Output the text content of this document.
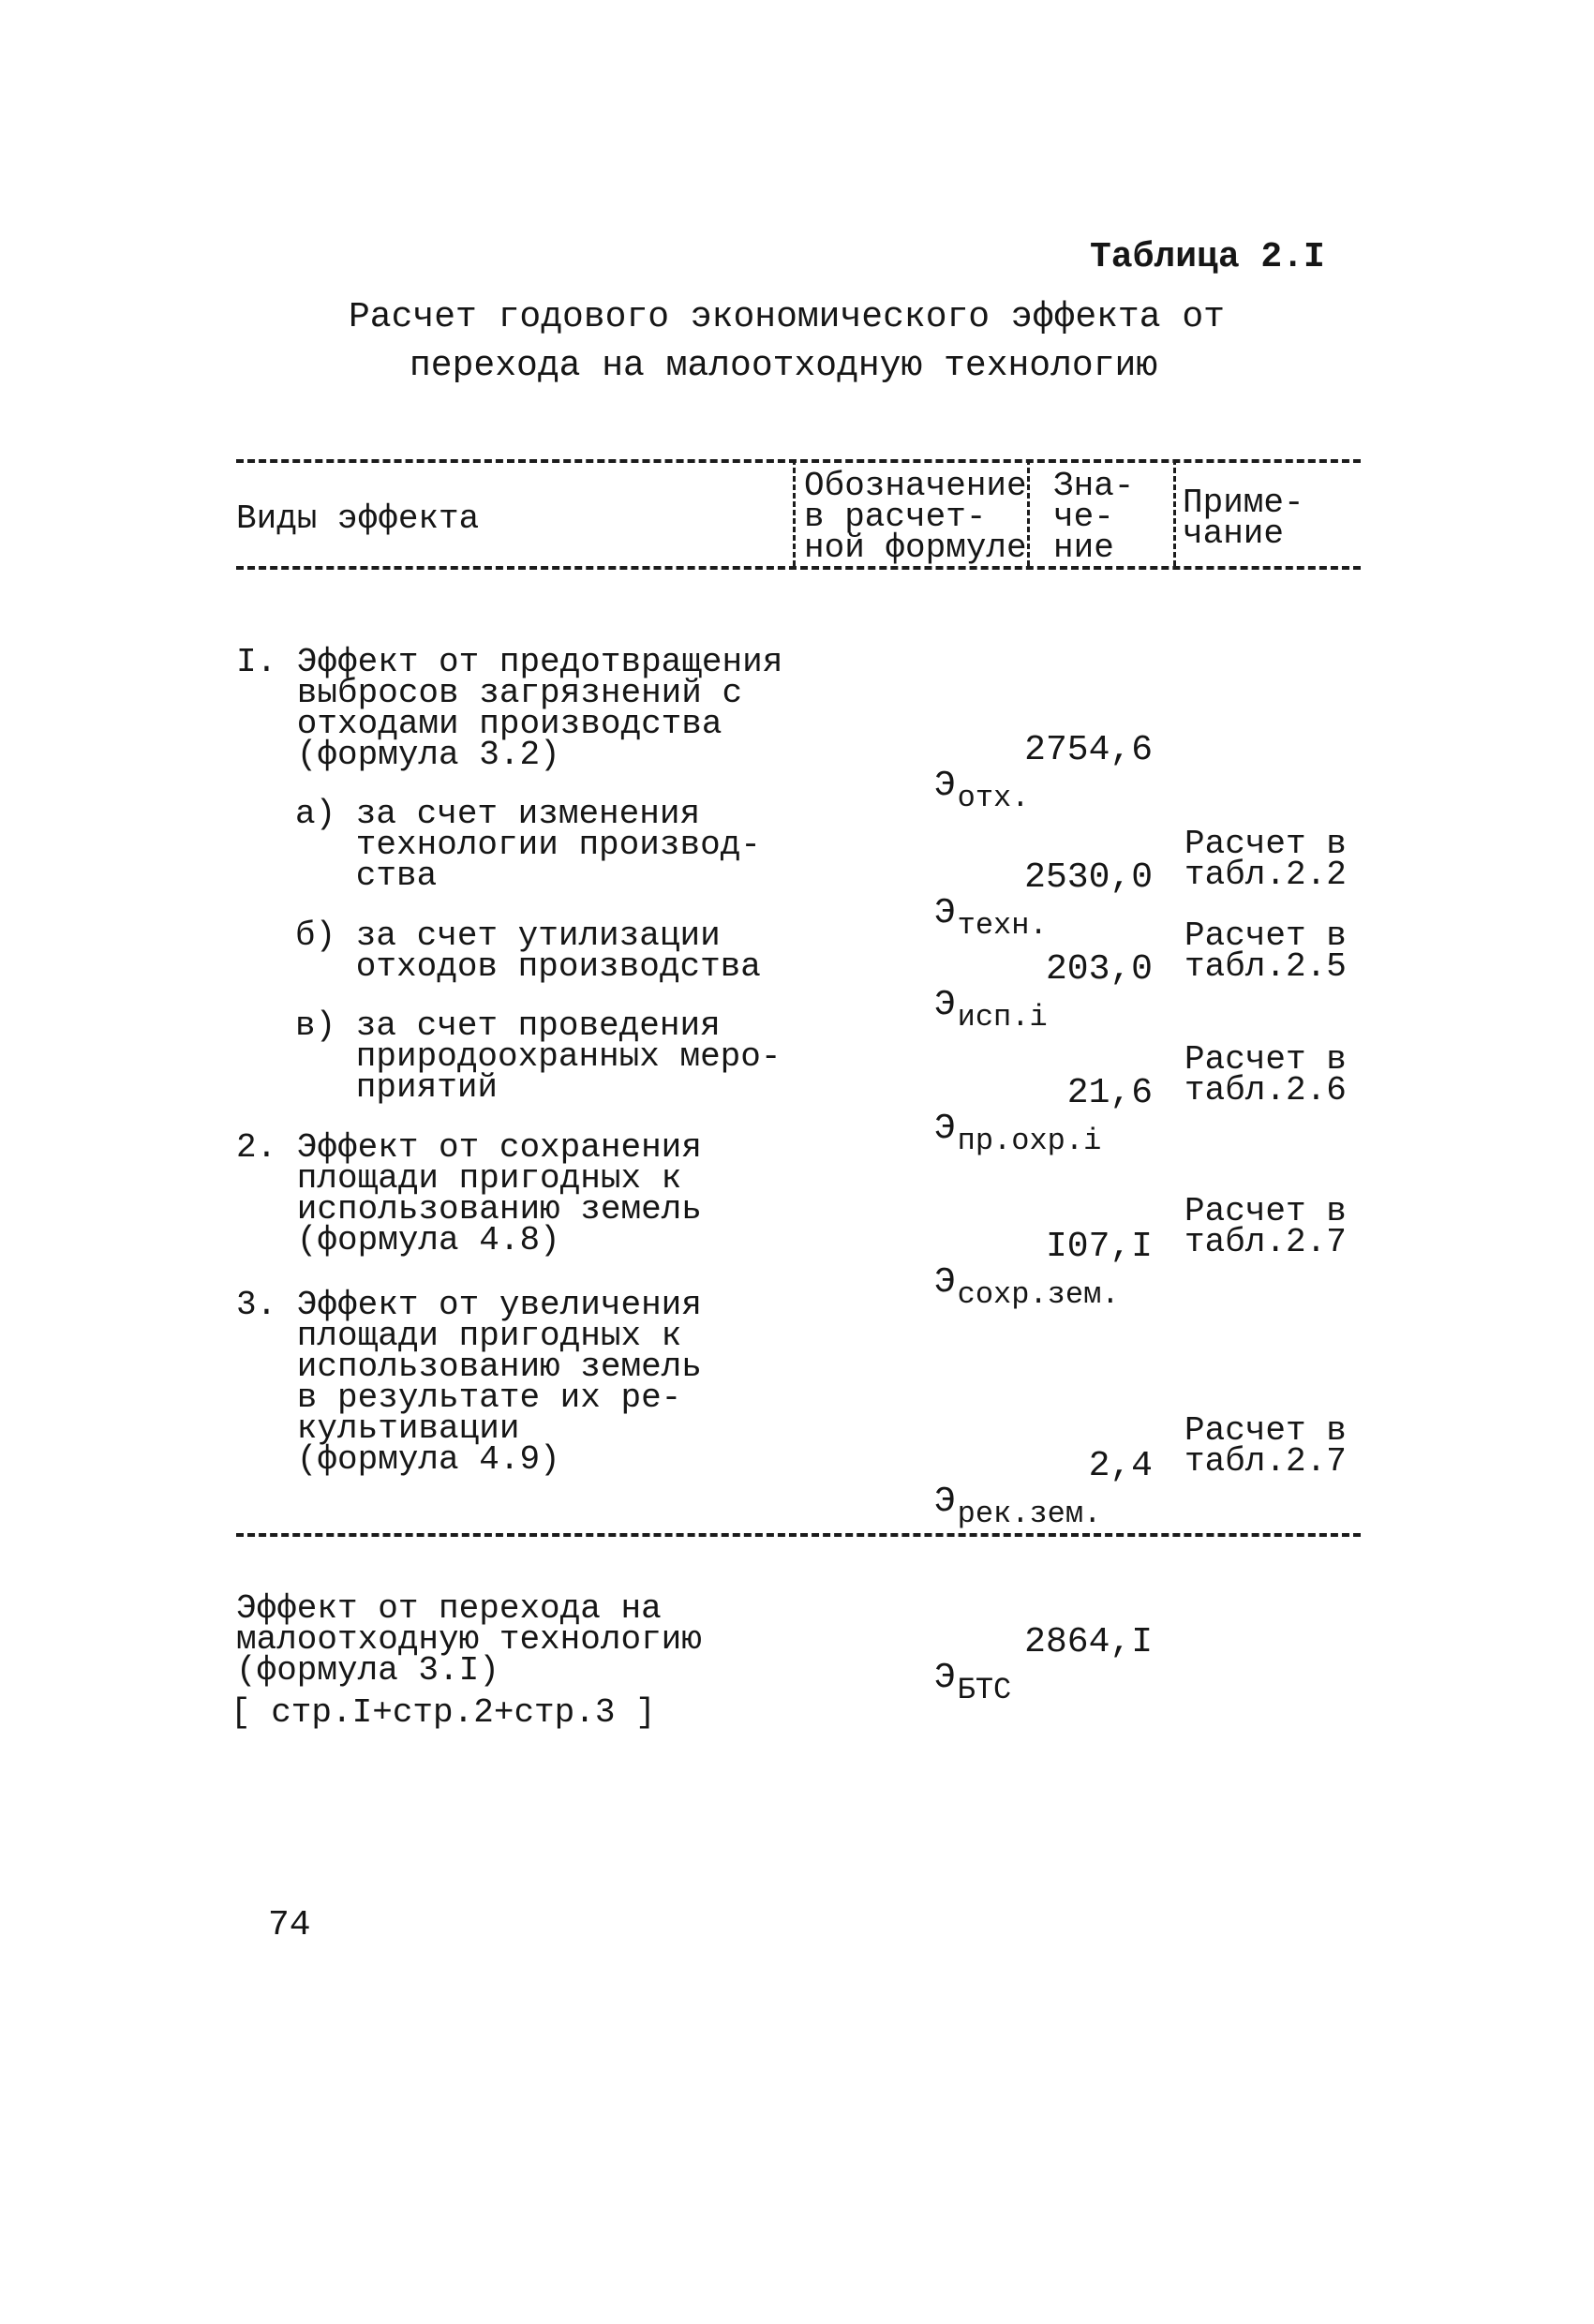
Таблица 2.I
Расчет годового экономического эффекта от
перехода на малоотходную технологию
Виды эффекта
Обозначение
в расчет-
ной формуле
Зна-
че-
ние
Приме-
чание
I. Эффект от предотвращения
выбросов загрязнений с
отходами производства
(формула 3.2)

$Э_{отх.}$

2754,6
а) за счет изменения
технологии производ-
ства

$Э_{техн.}$

2530,0
Расчет в
табл.2.2
б) за счет утилизации
отходов производства

$Э_{исп.i}$

203,0
Расчет в
табл.2.5
в) за счет проведения
природоохранных меро-
приятий

$Э_{пр.охр.i}$

21,6
Расчет в
табл.2.6
2. Эффект от сохранения
площади пригодных к
использованию земель
(формула 4.8)

$Э_{сохр.зем.}$

I07,I
Расчет в
табл.2.7
3. Эффект от увеличения
площади пригодных к
использованию земель
в результате их ре-
культивации
(формула 4.9)

$Э_{рек.зем.}$

2,4
Расчет в
табл.2.7
Эффект от перехода на
малоотходную технологию
(формула 3.I)
[ стр.I+стр.2+стр.3 ]

$Э_{БТС}$

2864,I
74
